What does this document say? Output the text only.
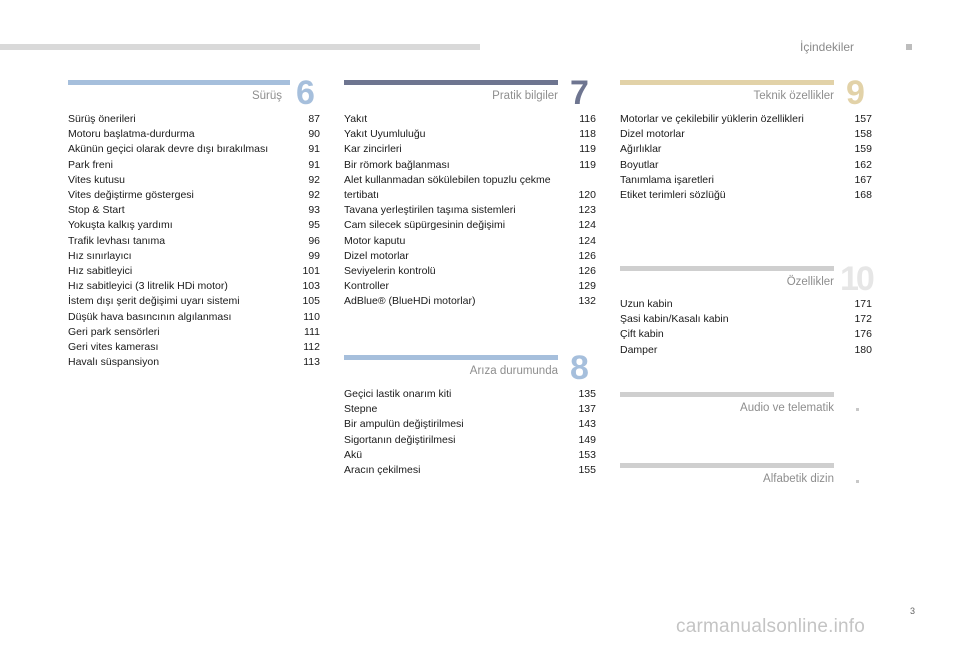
İçindekiler
Sürüş 6
Sürüş önerileri	87
Motoru başlatma-durdurma	90
Akünün geçici olarak devre dışı bırakılması	91
Park freni	91
Vites kutusu	92
Vites değiştirme göstergesi	92
Stop & Start	93
Yokuşta kalkış yardımı	95
Trafik levhası tanıma	96
Hız sınırlayıcı	99
Hız sabitleyici	101
Hız sabitleyici (3 litrelik HDi motor)	103
İstem dışı şerit değişimi uyarı sistemi	105
Düşük hava basıncının algılanması	110
Geri park sensörleri	111
Geri vites kamerası	112
Havalı süspansiyon	113
Pratik bilgiler 7
Yakıt	116
Yakıt Uyumluluğu	118
Kar zincirleri	119
Bir römork bağlanması	119
Alet kullanmadan sökülebilen topuzlu çekme tertibatı	120
Tavana yerleştirilen taşıma sistemleri	123
Cam silecek süpürgesinin değişimi	124
Motor kaputu	124
Dizel motorlar	126
Seviyelerin kontrolü	126
Kontroller	129
AdBlue® (BlueHDi motorlar)	132
Arıza durumunda 8
Geçici lastik onarım kiti	135
Stepne	137
Bir ampulün değiştirilmesi	143
Sigortanın değiştirilmesi	149
Akü	153
Aracın çekilmesi	155
Teknik özellikler 9
Motorlar ve çekilebilir yüklerin özellikleri	157
Dizel motorlar	158
Ağırlıklar	159
Boyutlar	162
Tanımlama işaretleri	167
Etiket terimleri sözlüğü	168
Özellikler 10
Uzun kabin	171
Şasi kabin/Kasalı kabin	172
Çift kabin	176
Damper	180
Audio ve telematik
Alfabetik dizin
3
carmanualsonline.info
